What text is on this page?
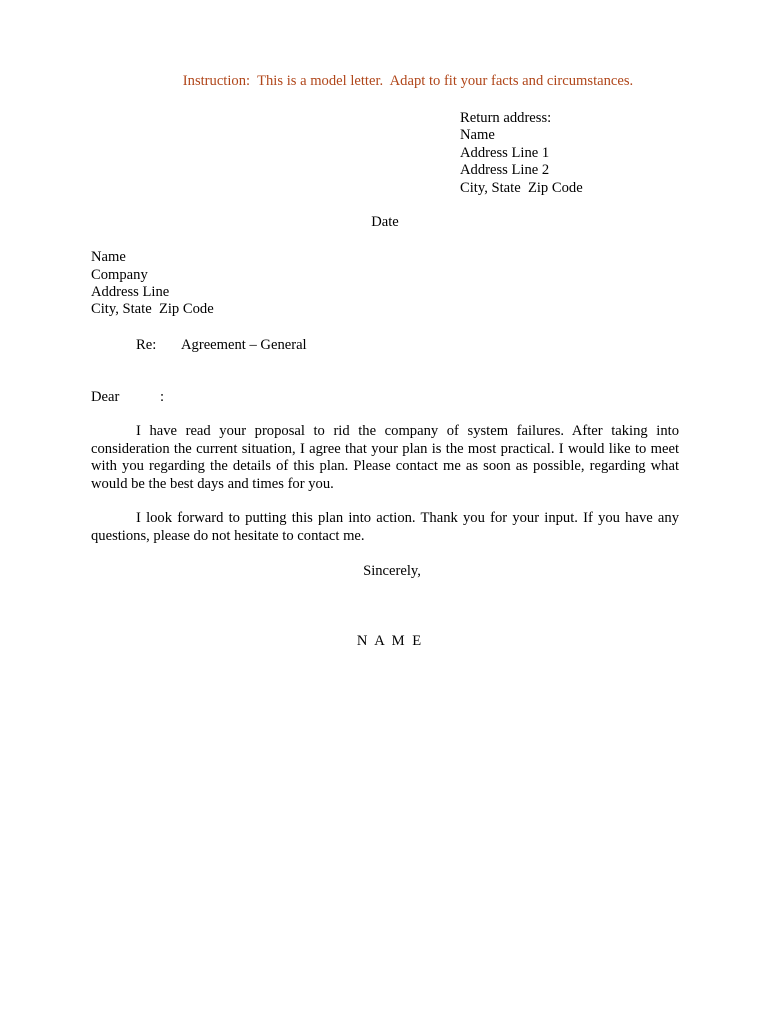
Instruction:  This is a model letter.  Adapt to fit your facts and circumstances.
Return address:
Name
Address Line 1
Address Line 2
City, State  Zip Code
Date
Name
Company
Address Line
City, State  Zip Code
Re: Agreement – General
Dear	:
I have read your proposal to rid the company of system failures. After taking into consideration the current situation, I agree that your plan is the most practical. I would like to meet with you regarding the details of this plan. Please contact me as soon as possible, regarding what would be the best days and times for you.
I look forward to putting this plan into action. Thank you for your input. If you have any questions, please do not hesitate to contact me.
Sincerely,
N A M E
